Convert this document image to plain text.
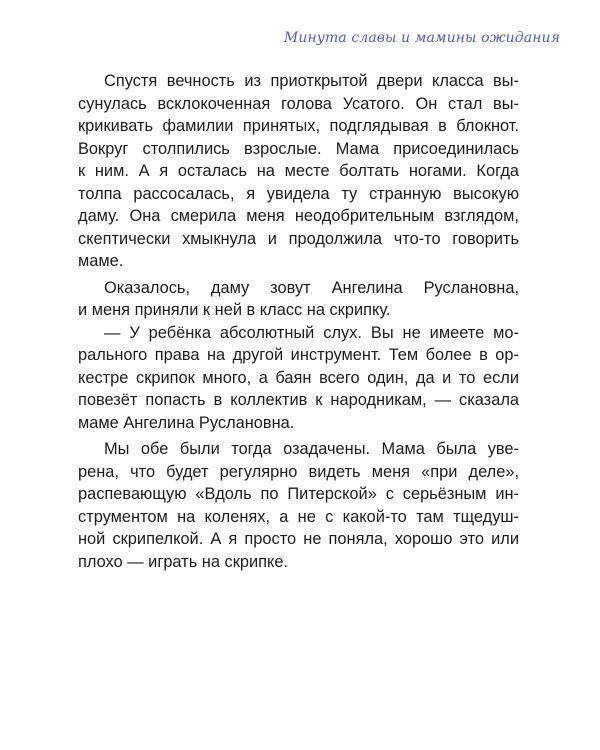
Минута славы и мамины ожидания
Спустя вечность из приоткрытой двери класса вы-
сунулась всклокоченная голова Усатого. Он стал вы-
крикивать фамилии принятых, подглядывая в блокнот.
Вокруг столпились взрослые. Мама присоединилась
к ним. А я осталась на месте болтать ногами. Когда
толпа рассосалась, я увидела ту странную высокую
даму. Она смерила меня неодобрительным взглядом,
скептически хмыкнула и продолжила что-то говорить
маме.
Оказалось, даму зовут Ангелина Руслановна,
и меня приняли к ней в класс на скрипку.
— У ребёнка абсолютный слух. Вы не имеете мо-
рального права на другой инструмент. Тем более в ор-
кестре скрипок много, а баян всего один, да и то если
повезёт попасть в коллектив к народникам, — сказала
маме Ангелина Руслановна.
Мы обе были тогда озадачены. Мама была уве-
рена, что будет регулярно видеть меня «при деле»,
распевающую «Вдоль по Питерской» с серьёзным ин-
струментом на коленях, а не с какой-то там тщедуш-
ной скрипелкой. А я просто не поняла, хорошо это или
плохо — играть на скрипке.
